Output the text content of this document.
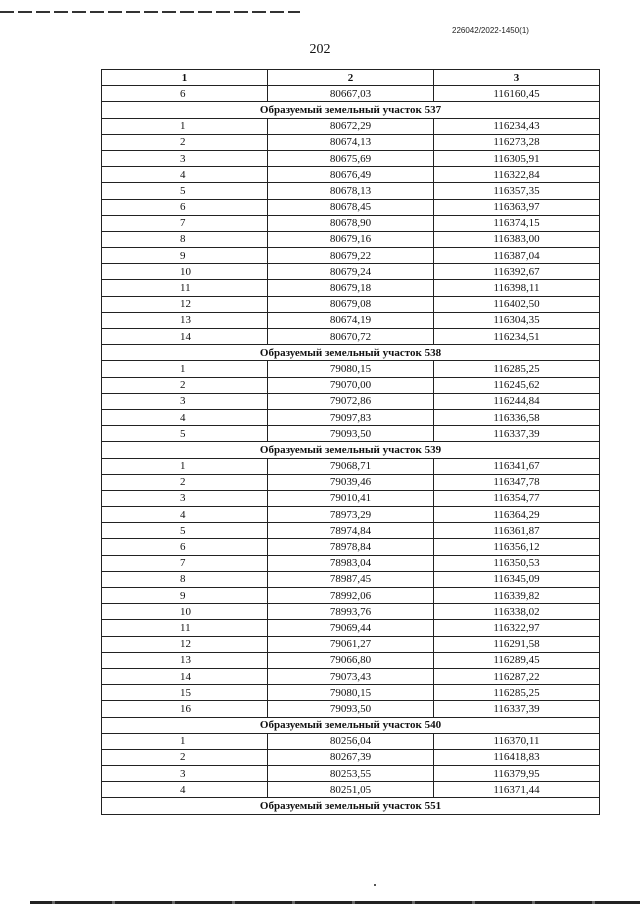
226042/2022-1450(1)
202
1	2	3
6	80667,03	116160,45
Образуемый земельный участок 537		
1	80672,29	116234,43
2	80674,13	116273,28
3	80675,69	116305,91
4	80676,49	116322,84
5	80678,13	116357,35
6	80678,45	116363,97
7	80678,90	116374,15
8	80679,16	116383,00
9	80679,22	116387,04
10	80679,24	116392,67
11	80679,18	116398,11
12	80679,08	116402,50
13	80674,19	116304,35
14	80670,72	116234,51
Образуемый земельный участок 538		
1	79080,15	116285,25
2	79070,00	116245,62
3	79072,86	116244,84
4	79097,83	116336,58
5	79093,50	116337,39
Образуемый земельный участок 539		
1	79068,71	116341,67
2	79039,46	116347,78
3	79010,41	116354,77
4	78973,29	116364,29
5	78974,84	116361,87
6	78978,84	116356,12
7	78983,04	116350,53
8	78987,45	116345,09
9	78992,06	116339,82
10	78993,76	116338,02
11	79069,44	116322,97
12	79061,27	116291,58
13	79066,80	116289,45
14	79073,43	116287,22
15	79080,15	116285,25
16	79093,50	116337,39
Образуемый земельный участок 540		
1	80256,04	116370,11
2	80267,39	116418,83
3	80253,55	116379,95
4	80251,05	116371,44
Образуемый земельный участок 551		
